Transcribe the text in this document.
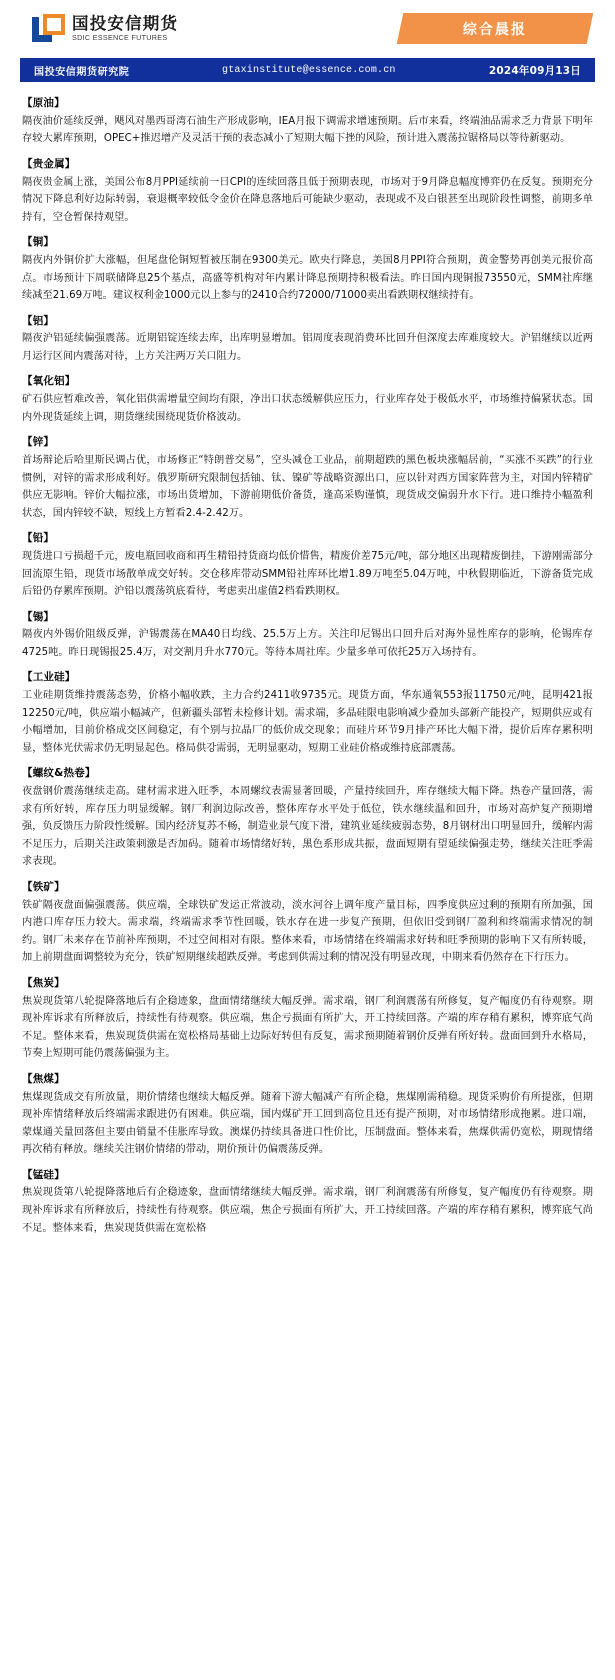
国投安信期货
SDIC ESSENCE FUTURES
综合晨报
国投安信期货研究院	gtaxinstitute@essence.com.cn	2024年09月13日
【原油】
隔夜油价延续反弹，飓风对墨西哥湾石油生产形成影响，IEA月报下调需求增速预期。后市来看，终端油品需求乏力背景下明年存较大累库预期，OPEC+推迟增产及灵活干预的表态减小了短期大幅下挫的风险，预计进入震荡拉锯格局以等待新驱动。
【贵金属】
隔夜贵金属上涨，美国公布8月PPI延续前一日CPI的连续回落且低于预期表现，市场对于9月降息幅度博弈仍在反复。预期充分情况下降息利好边际转弱，衰退概率较低令金价在降息落地后可能缺少驱动，表现或不及白银甚至出现阶段性调整，前期多单持有，空仓暂保持观望。
【铜】
隔夜内外铜价扩大涨幅，但尾盘伦铜短暂被压制在9300美元。欧央行降息，美国8月PPI符合预期，黄金警势再创美元报价高点。市场预计下周联储降息25个基点，高盛等机构对年内累计降息预期持积极看法。昨日国内现铜报73550元，SMM社库继续减至21.69万吨。建议权利金1000元以上参与的2410合约72000/71000卖出看跌期权继续持有。
【铝】
隔夜沪铝延续偏强震荡。近期铝锭连续去库，出库明显增加。铝周度表现消费环比回升但深度去库难度较大。沪铝继续以近两月运行区间内震荡对待，上方关注两万关口阻力。
【氧化铝】
矿石供应暂难改善，氧化铝供需增量空间均有限，净出口状态缓解供应压力，行业库存处于极低水平，市场维持偏紧状态。国内外现货延续上调，期货继续围绕现货价格波动。
【锌】
首场辩论后哈里斯民调占优，市场修正“特朗普交易”，空头减仓工业品，前期超跌的黑色板块涨幅居前，“买涨不买跌”的行业惯例，对锌的需求形成利好。俄罗斯研究限制包括铀、钛、镍矿等战略资源出口，应以针对西方国家阵营为主，对国内锌精矿供应无影响。锌价大幅拉涨，市场出货增加，下游前期低价备货，逢高采购谨慎，现货成交偏弱升水下行。进口维持小幅盈利状态，国内锌较不缺，短线上方暂看2.4-2.42万。
【铅】
现货进口亏损超千元，废电瓶回收商和再生精铅持货商均低价惜售，精废价差75元/吨，部分地区出现精废倒挂，下游刚需部分回流原生铅，现货市场散单成交好转。交仓移库带动SMM铅社库环比增1.89万吨至5.04万吨，中秋假期临近，下游备货完成后铅仍存累库预期。沪铅以震荡筑底看待，考虑卖出虚值2档看跌期权。
【锡】
隔夜内外锡价阻级反弹，沪锡震荡在MA40日均线、25.5万上方。关注印尼锡出口回升后对海外显性库存的影响，伦锡库存4725吨。昨日现锡报25.4万，对交割月升水770元。等待本周社库。少量多单可依托25万入场持有。
【工业硅】
工业硅期货维持震荡态势，价格小幅收跌，主力合约2411收9735元。现货方面，华东通氧553报11750元/吨，昆明421报12250元/吨，供应端小幅减产，但新疆头部暂未检修计划。需求端，多晶硅限电影响减少叠加头部新产能投产，短期供应或有小幅增加，目前价格成交区间稳定，有个别与拉晶厂的低价成交现象；而硅片环节9月排产环比大幅下滑，提价后库存累积明显，整体光伏需求仍无明显起色。格局供강需弱，无明显驱动，短期工业硅价格或维持底部震荡。
【螺纹&热卷】
夜盘钢价震荡继续走高。建材需求进入旺季，本周螺纹表需显著回暖，产量持续回升，库存继续大幅下降。热卷产量回落，需求有所好转，库存压力明显缓解。钢厂利润边际改善，整体库存水平处于低位，铁水继续温和回升，市场对高炉复产预期增强，负反馈压力阶段性缓解。国内经济复苏不畅，制造业景气度下滑，建筑业延续疲弱态势，8月钢材出口明显回升，缓解内需不足压力，后期关注政策刺激是否加码。随着市场情绪好转，黑色系形成共振，盘面短期有望延续偏强走势，继续关注旺季需求表现。
【铁矿】
铁矿隔夜盘面偏强震荡。供应端，全球铁矿发运正常波动，淡水河谷上调年度产量目标，四季度供应过剩的预期有所加强，国内港口库存压力较大。需求端，终端需求季节性回暖，铁水存在进一步复产预期，但依旧受到钢厂盈利和终端需求情况的制约。钢厂未来存在节前补库预期，不过空间相对有限。整体来看，市场情绪在终端需求好转和旺季预期的影响下又有所转暖，加上前期盘面调整较为充分，铁矿短期继续超跌反弹。考虑到供需过剩的情况没有明显改现，中期来看仍然存在下行压力。
【焦炭】
焦炭现货第八轮提降落地后有企稳迹象，盘面情绪继续大幅反弹。需求端，钢厂利润震荡有所修复，复产幅度仍有待观察。期现补库诉求有所释放后，持续性有待观察。供应端，焦企亏损面有所扩大，开工持续回落。产端的库存稍有累积，博弈底气尚不足。整体来看，焦炭现货供需在宽松格局基础上边际好转但有反复，需求预期随着钢价反弹有所好转。盘面回到升水格局，节奏上短期可能仍震荡偏强为主。
【焦煤】
焦煤现货成交有所放量，期价情绪也继续大幅反弹。随着下游大幅减产有所企稳，焦煤刚需稍稳。现货采购价有所提涨，但期现补库情绪释放后终端需求跟进仍有困难。供应端，国内煤矿开工回到高位且还有提产预期，对市场情绪形成拖累。进口端，蒙煤通关量回落但主要由销量不佳胀库导致。澳煤仍持续具备进口性价比，压制盘面。整体来看，焦煤供需仍宽松，期现情绪再次稍有释放。继续关注钢价情绪的带动，期价预计仍偏震荡反弹。
【锰硅】
焦炭现货第八轮提降落地后有企稳迹象，盘面情绪继续大幅反弹。需求端，钢厂利润震荡有所修复，复产幅度仍有待观察。期现补库诉求有所释放后，持续性有待观察。供应端，焦企亏损面有所扩大，开工持续回落。产端的库存稍有累积，博弈底气尚不足。整体来看，焦炭现货供需在宽松格
